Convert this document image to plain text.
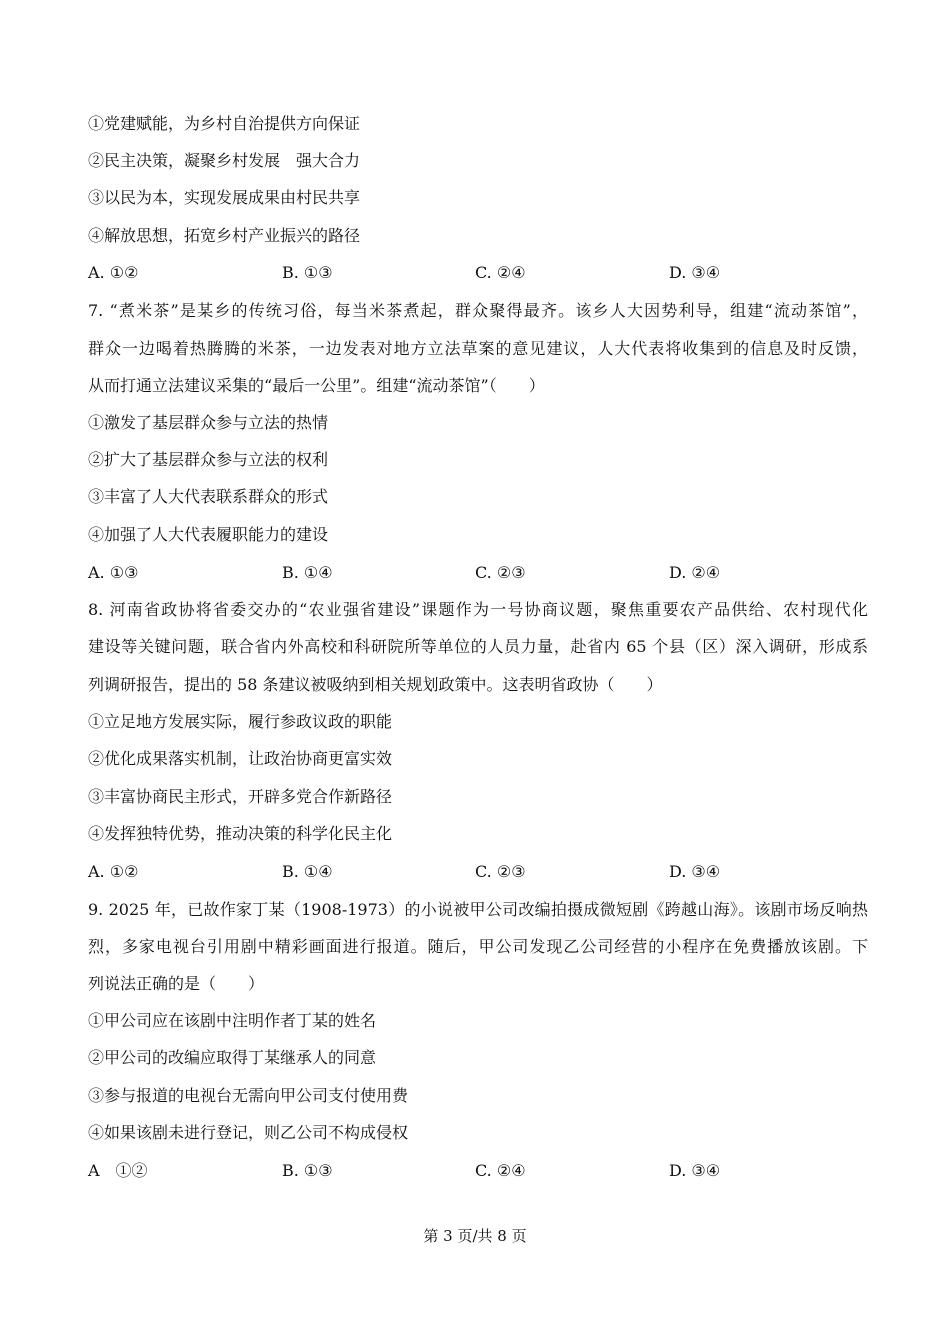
①党建赋能，为乡村自治提供方向保证
②民主决策，凝聚乡村发展　强大合力
③以民为本，实现发展成果由村民共享
④解放思想，拓宽乡村产业振兴的路径
A. ①②	B. ①③	C. ②④	D. ③④
7. “煮米茶”是某乡的传统习俗，每当米茶煮起，群众聚得最齐。该乡人大因势利导，组建“流动茶馆”，
群众一边喝着热腾腾的米茶，一边发表对地方立法草案的意见建议，人大代表将收集到的信息及时反馈，
从而打通立法建议采集的“最后一公里”。组建“流动茶馆”（　　）
①激发了基层群众参与立法的热情
②扩大了基层群众参与立法的权利
③丰富了人大代表联系群众的形式
④加强了人大代表履职能力的建设
A. ①③	B. ①④	C. ②③	D. ②④
8. 河南省政协将省委交办的“农业强省建设”课题作为一号协商议题，聚焦重要农产品供给、农村现代化
建设等关键问题，联合省内外高校和科研院所等单位的人员力量，赴省内 65 个县（区）深入调研，形成系
列调研报告，提出的 58 条建议被吸纳到相关规划政策中。这表明省政协（　　）
①立足地方发展实际，履行参政议政的职能
②优化成果落实机制，让政治协商更富实效
③丰富协商民主形式，开辟多党合作新路径
④发挥独特优势，推动决策的科学化民主化
A. ①②	B. ①④	C. ②③	D. ③④
9. 2025 年，已故作家丁某（1908-1973）的小说被甲公司改编拍摄成微短剧《跨越山海》。该剧市场反响热
烈，多家电视台引用剧中精彩画面进行报道。随后，甲公司发现乙公司经营的小程序在免费播放该剧。下
列说法正确的是（　　）
①甲公司应在该剧中注明作者丁某的姓名
②甲公司的改编应取得丁某继承人的同意
③参与报道的电视台无需向甲公司支付使用费
④如果该剧未进行登记，则乙公司不构成侵权
A　①②	B. ①③	C. ②④	D. ③④
第 3 页/共 8 页
